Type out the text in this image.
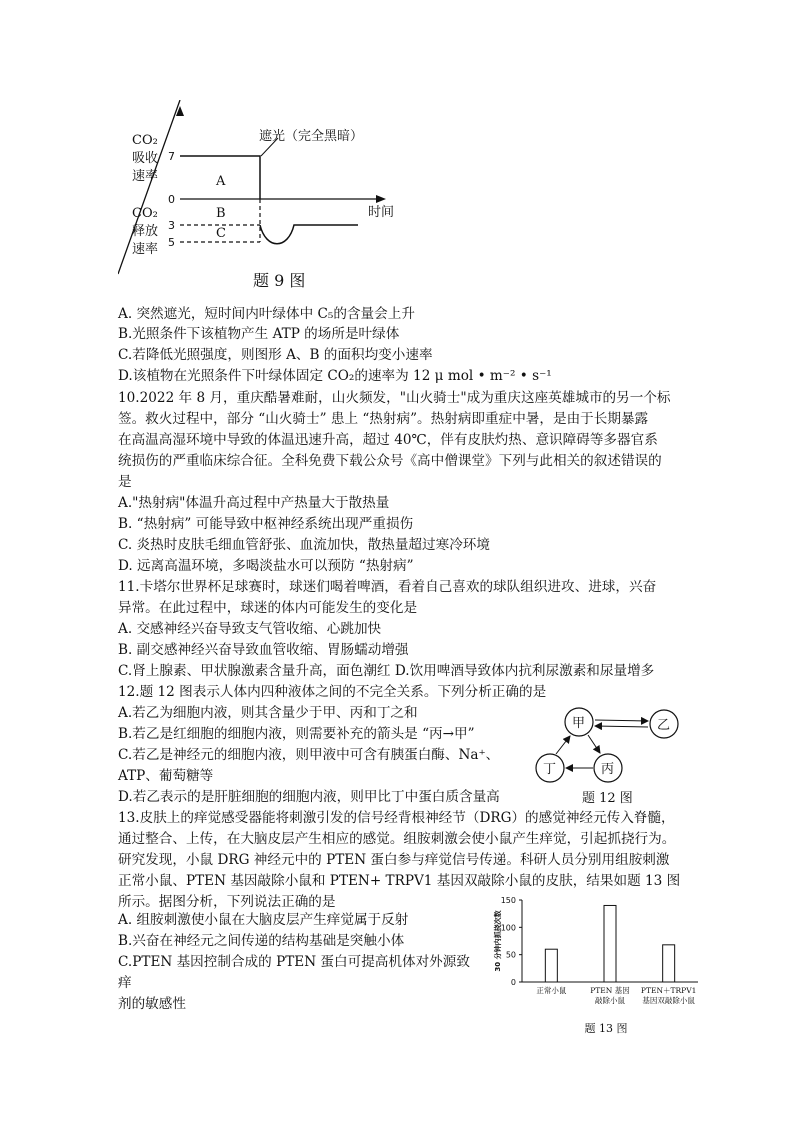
遮光（完全黑暗）
7
0
3
5
CO₂
吸收
速率
CO₂
释放
速率
A
B
C
时间
题 9 图
A. 突然遮光，短时间内叶绿体中 C₅的含量会上升
B.光照条件下该植物产生 ATP 的场所是叶绿体
C.若降低光照强度，则图形 A、B 的面积均变小速率
D.该植物在光照条件下叶绿体固定 CO₂的速率为 12 μ mol • m⁻² • s⁻¹
10.2022 年 8 月，重庆酷暑难耐，山火频发，"山火骑士"成为重庆这座英雄城市的另一个标
签。救火过程中，部分 “山火骑士” 患上 “热射病”。热射病即重症中暑，是由于长期暴露
在高温高湿环境中导致的体温迅速升高，超过 40℃，伴有皮肤灼热、意识障碍等多器官系
统损伤的严重临床综合征。全科免费下载公众号《高中僧课堂》下列与此相关的叙述错误的
是
A."热射病"体温升高过程中产热量大于散热量
B. “热射病” 可能导致中枢神经系统出现严重损伤
C. 炎热时皮肤毛细血管舒张、血流加快，散热量超过寒冷环境
D. 远离高温环境，多喝淡盐水可以预防 “热射病”
11.卡塔尔世界杯足球赛时，球迷们喝着啤酒，看着自己喜欢的球队组织进攻、进球，兴奋
异常。在此过程中，球迷的体内可能发生的变化是
A. 交感神经兴奋导致支气管收缩、心跳加快
B. 副交感神经兴奋导致血管收缩、胃肠蠕动增强
C.肾上腺素、甲状腺激素含量升高，面色潮红 D.饮用啤酒导致体内抗利尿激素和尿量增多
12.题 12 图表示人体内四种液体之间的不完全关系。下列分析正确的是
A.若乙为细胞内液，则其含量少于甲、丙和丁之和
B.若乙是红细胞的细胞内液，则需要补充的箭头是 “丙→甲”
C.若乙是神经元的细胞内液，则甲液中可含有胰蛋白酶、Na⁺、
ATP、葡萄糖等
D.若乙表示的是肝脏细胞的细胞内液，则甲比丁中蛋白质含量高
甲	乙
丙
丁
题 12 图
13.皮肤上的痒觉感受器能将刺激引发的信号经背根神经节（DRG）的感觉神经元传入脊髓，
通过整合、上传，在大脑皮层产生相应的感觉。组胺刺激会使小鼠产生痒觉，引起抓挠行为。
研究发现，小鼠 DRG 神经元中的 PTEN 蛋白参与痒觉信号传递。科研人员分别用组胺刺激
正常小鼠、PTEN 基因敲除小鼠和 PTEN+ TRPV1 基因双敲除小鼠的皮肤，结果如题 13 图
所示。据图分析，下列说法正确的是
A. 组胺刺激使小鼠在大脑皮层产生痒觉属于反射
B.兴奋在神经元之间传递的结构基础是突触小体
C.PTEN 基因控制合成的 PTEN 蛋白可提高机体对外源致
痒
剂的敏感性
0
50
100
150
30 分钟内抓挠次数
正常小鼠	PTEN 基因
敲除小鼠
PTEN＋TRPV1
基因双敲除小鼠
题 13 图
